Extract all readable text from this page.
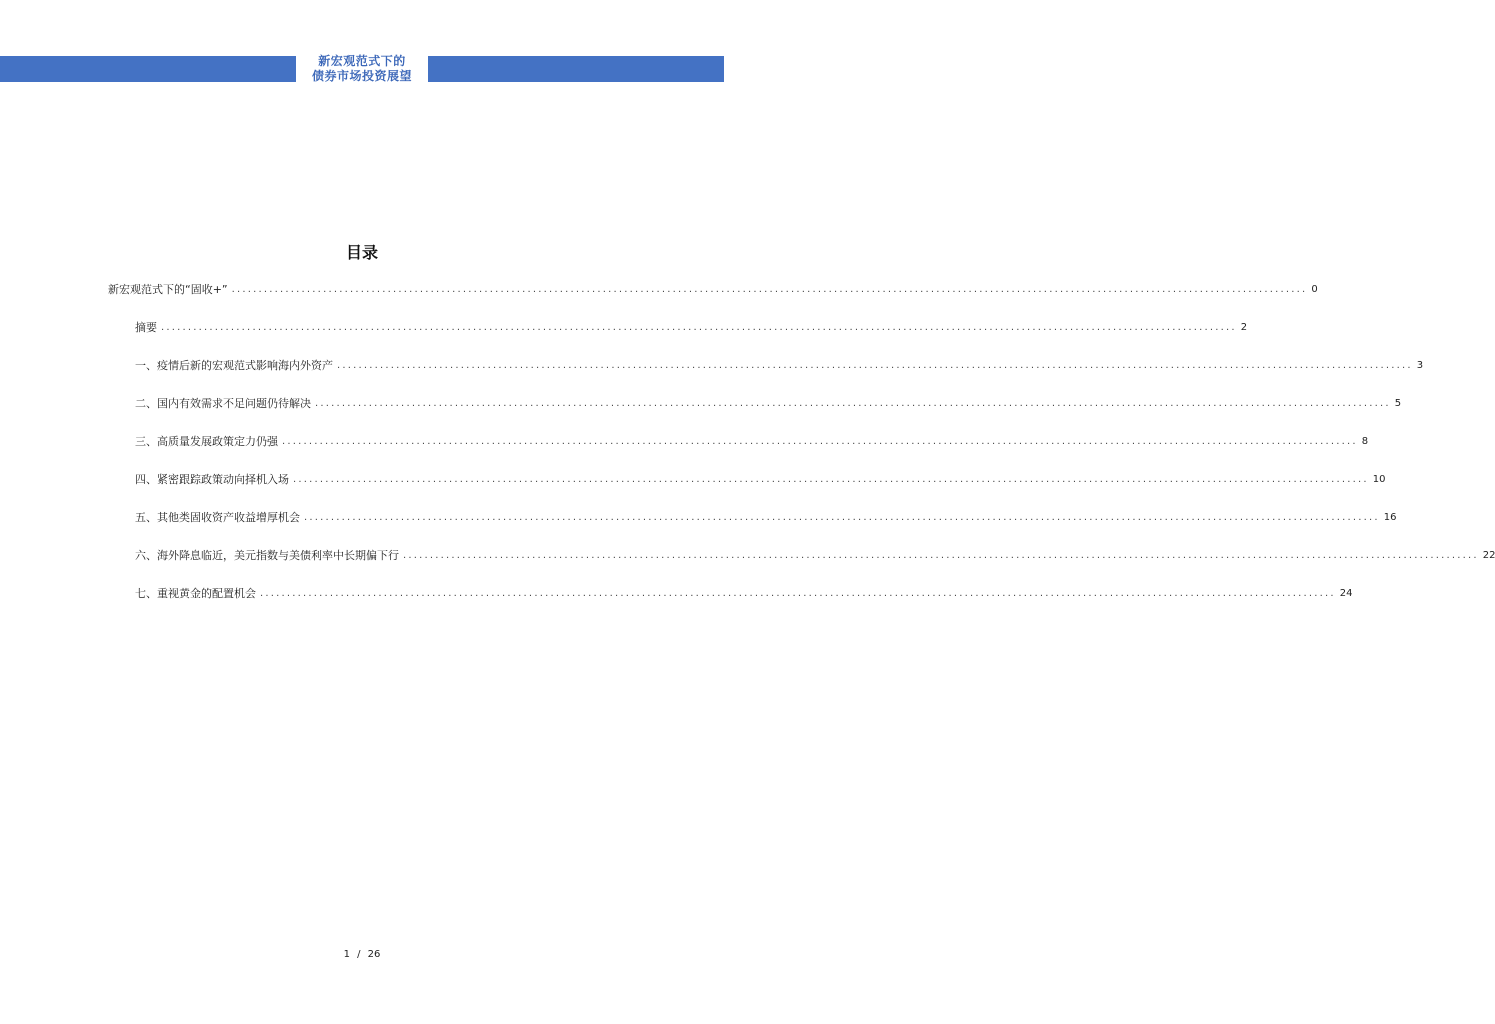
新宏观范式下的
债券市场投资展望
目录
新宏观范式下的“固收+” ........................................................................................................................................................................................................ 0
摘要 ........................................................................................................................................................................................................ 2
一、疫情后新的宏观范式影响海内外资产 ........................................................................................................................................................................................................ 3
二、国内有效需求不足问题仍待解决 ........................................................................................................................................................................................................ 5
三、高质量发展政策定力仍强 ........................................................................................................................................................................................................ 8
四、紧密跟踪政策动向择机入场 ........................................................................................................................................................................................................ 10
五、其他类固收资产收益增厚机会 ........................................................................................................................................................................................................ 16
六、海外降息临近，美元指数与美债利率中长期偏下行 ........................................................................................................................................................................................................ 22
七、重视黄金的配置机会 ........................................................................................................................................................................................................ 24
1 / 26
